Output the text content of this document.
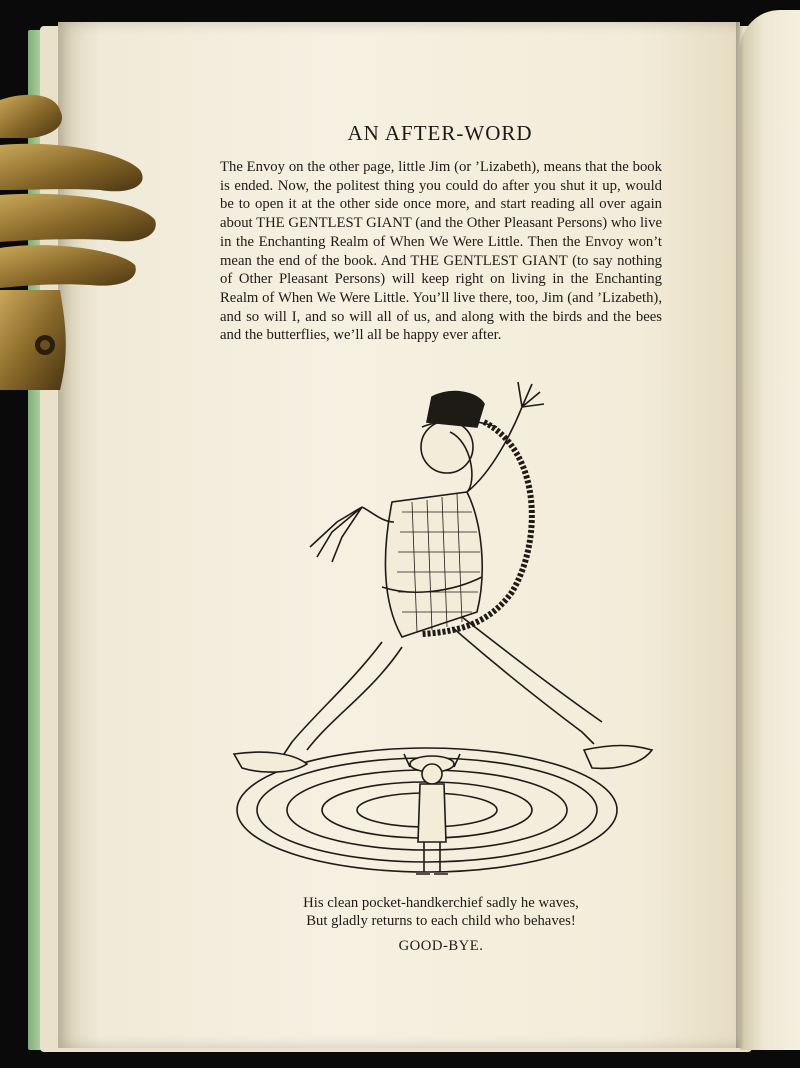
AN AFTER-WORD

The Envoy on the other page, little Jim (or ’Lizabeth), means that the book is ended. Now, the politest thing you could do after you shut it up, would be to open it at the other side once more, and start reading all over again about THE GENTLEST GIANT (and the Other Pleasant Persons) who live in the Enchanting Realm of When We Were Little. Then the Envoy won’t mean the end of the book. And THE GENTLEST GIANT (to say nothing of Other Pleasant Persons) will keep right on living in the Enchanting Realm of When We Were Little. You’ll live there, too, Jim (and ’Lizabeth), and so will I, and so will all of us, and along with the birds and the bees and the butterflies, we’ll all be happy ever after.

His clean pocket-handkerchief sadly he waves,
But gladly returns to each child who behaves!
GOOD-BYE.
